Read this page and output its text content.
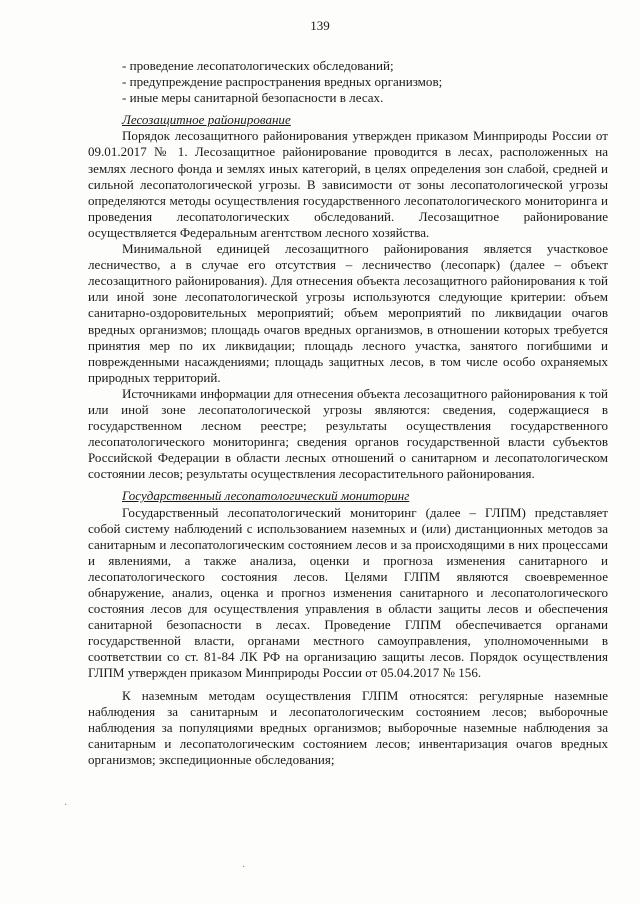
139

- проведение лесопатологических обследований;

- предупреждение распространения вредных организмов;

- иные меры санитарной безопасности в лесах.

Лесозащитное районирование

Порядок лесозащитного районирования утвержден приказом Минприроды России от 09.01.2017 № 1. Лесозащитное районирование проводится в лесах, расположенных на землях лесного фонда и землях иных категорий, в целях определения зон слабой, средней и сильной лесопатологической угрозы. В зависимости от зоны лесопатологической угрозы определяются методы осуществления государственного лесопатологического мониторинга и проведения лесопатологических обследований. Лесозащитное районирование осуществляется Федеральным агентством лесного хозяйства.

Минимальной единицей лесозащитного районирования является участковое лесничество, а в случае его отсутствия – лесничество (лесопарк) (далее – объект лесозащитного районирования). Для отнесения объекта лесозащитного районирования к той или иной зоне лесопатологической угрозы используются следующие критерии: объем санитарно-оздоровительных мероприятий; объем мероприятий по ликвидации очагов вредных организмов; площадь очагов вредных организмов, в отношении которых требуется принятия мер по их ликвидации; площадь лесного участка, занятого погибшими и поврежденными насаждениями; площадь защитных лесов, в том числе особо охраняемых природных территорий.

Источниками информации для отнесения объекта лесозащитного районирования к той или иной зоне лесопатологической угрозы являются: сведения, содержащиеся в государственном лесном реестре; результаты осуществления государственного лесопатологического мониторинга; сведения органов государственной власти субъектов Российской Федерации в области лесных отношений о санитарном и лесопатологическом состоянии лесов; результаты осуществления лесорастительного районирования.

Государственный лесопатологический мониторинг

Государственный лесопатологический мониторинг (далее – ГЛПМ) представляет собой систему наблюдений с использованием наземных и (или) дистанционных методов за санитарным и лесопатологическим состоянием лесов и за происходящими в них процессами и явлениями, а также анализа, оценки и прогноза изменения санитарного и лесопатологического состояния лесов. Целями ГЛПМ являются своевременное обнаружение, анализ, оценка и прогноз изменения санитарного и лесопатологического состояния лесов для осуществления управления в области защиты лесов и обеспечения санитарной безопасности в лесах. Проведение ГЛПМ обеспечивается органами государственной власти, органами местного самоуправления, уполномоченными в соответствии со ст. 81-84 ЛК РФ на организацию защиты лесов. Порядок осуществления ГЛПМ утвержден приказом Минприроды России от 05.04.2017 № 156.

К наземным методам осуществления ГЛПМ относятся: регулярные наземные наблюдения за санитарным и лесопатологическим состоянием лесов; выборочные наблюдения за популяциями вредных организмов; выборочные наземные наблюдения за санитарным и лесопатологическим состоянием лесов; инвентаризация очагов вредных организмов; экспедиционные обследования;

·
·
